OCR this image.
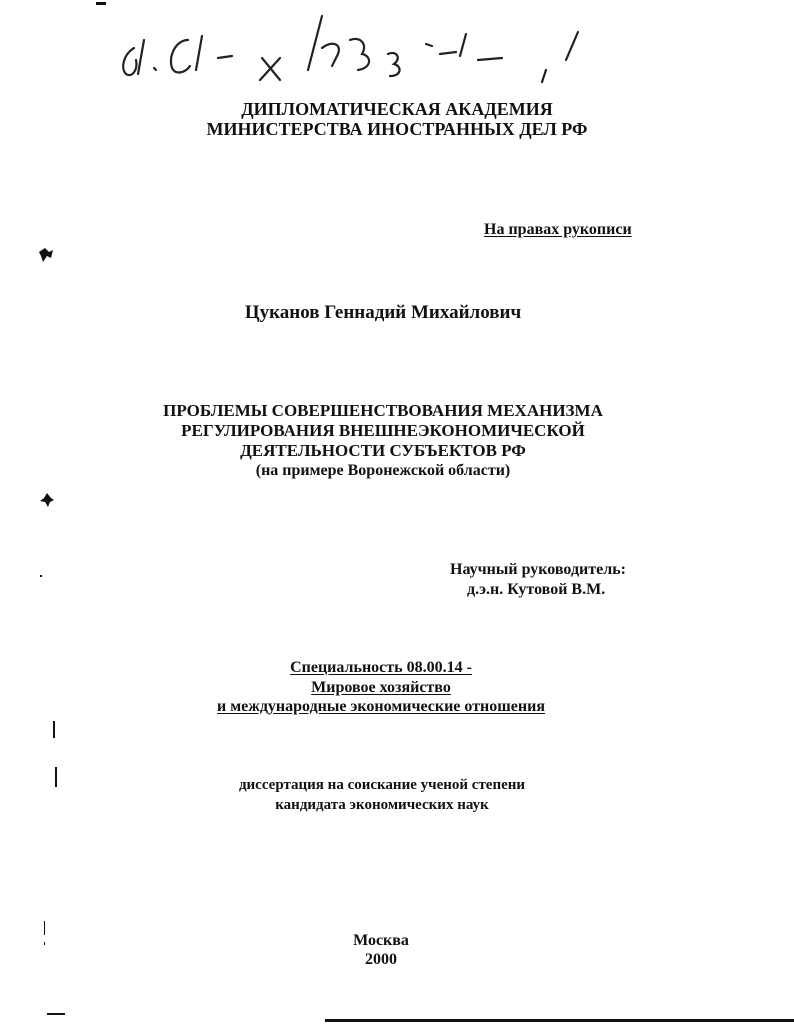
ДИПЛОМАТИЧЕСКАЯ АКАДЕМИЯ
МИНИСТЕРСТВА ИНОСТРАННЫХ ДЕЛ РФ
На правах рукописи
Цуканов Геннадий Михайлович
ПРОБЛЕМЫ СОВЕРШЕНСТВОВАНИЯ МЕХАНИЗМА
РЕГУЛИРОВАНИЯ ВНЕШНЕЭКОНОМИЧЕСКОЙ
ДЕЯТЕЛЬНОСТИ СУБЪЕКТОВ РФ
(на примере Воронежской области)
Научный руководитель:
д.э.н. Кутовой В.М.
Специальность 08.00.14 -
Мировое хозяйство
и международные экономические отношения
диссертация на соискание ученой степени
кандидата экономических наук
Москва
2000
